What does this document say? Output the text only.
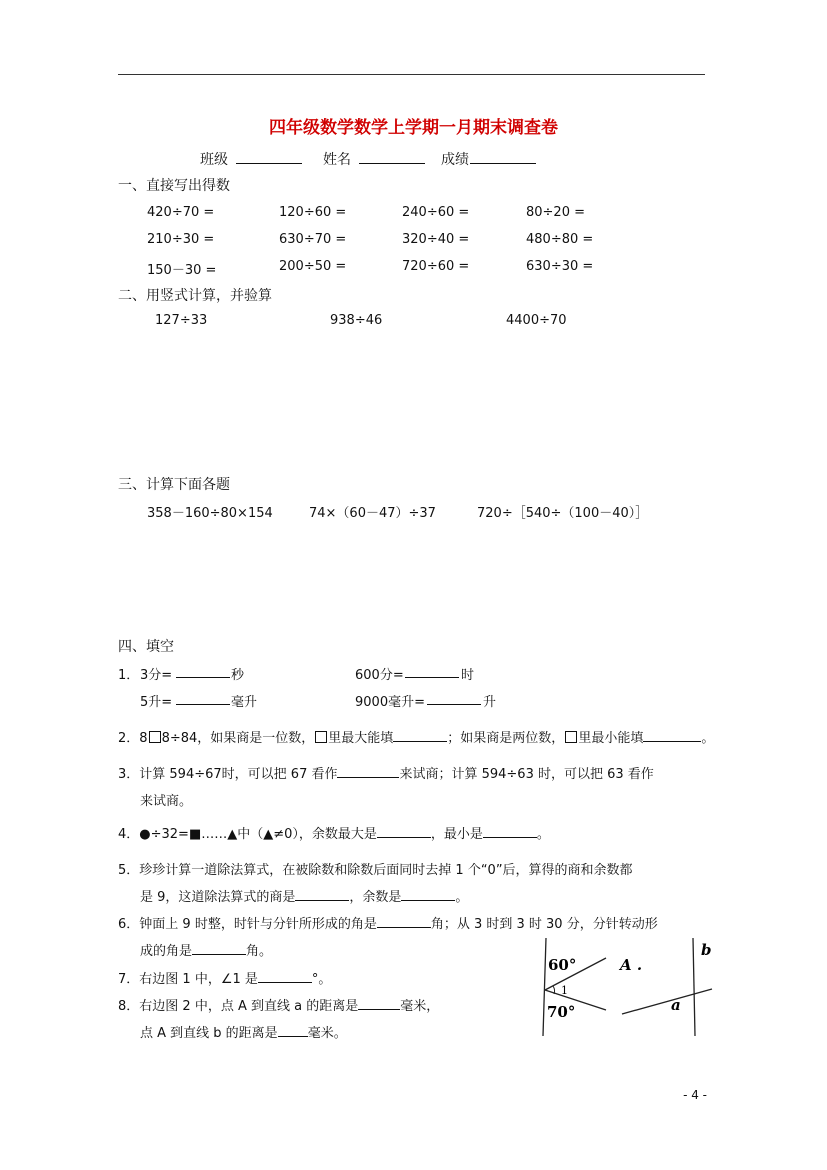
四年级数学数学上学期一月期末调查卷
班级	姓名	成绩
一、直接写出得数
420÷70 =	120÷60 =	240÷60 =	80÷20 =
210÷30 =	630÷70 =	320÷40 =	480÷80 =
150－30 =	200÷50 =	720÷60 =	630÷30 =
二、用竖式计算，并验算
127÷33	938÷46	4400÷70
三、计算下面各题
358－160÷80×154	74×（60－47）÷37	720÷［540÷（100－40）］
四、填空
1． 3分=	秒	600分=	时
5升=	毫升	9000毫升=	升
2．8 8÷84，如果商是一位数， 里最大能填	；如果商是两位数， 里最小能填	。
3．计算 594÷67时，可以把 67 看作	来试商；计算 594÷63 时，可以把 63 看作
来试商。
4．●÷32=■……▲中（▲≠0），余数最大是	，最小是	。
5．珍珍计算一道除法算式，在被除数和除数后面同时去掉 1 个“0”后，算得的商和余数都
是 9，这道除法算式的商是	，余数是	。
6．钟面上 9 时整，时针与分针所形成的角是	角；从 3 时到 3 时 30 分，分针转动形
成的角是	角。
7．右边图 1 中，∠1 是	°。
8．右边图 2 中，点 A 到直线 a 的距离是	毫米，
点 A 到直线 b 的距离是 毫米。
60°
70°
1
A .
a
b
- 4 -
